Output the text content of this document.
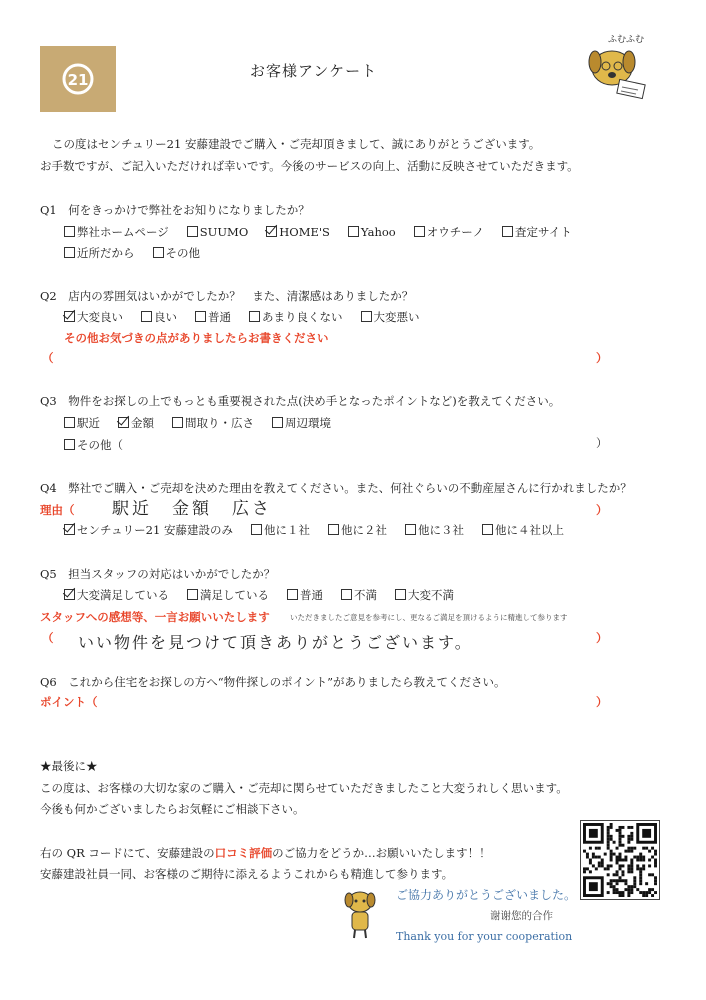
21	お客様アンケート
ふむふむ
この度はセンチュリー21 安藤建設でご購入・ご売却頂きまして、誠にありがとうございます。
お手数ですが、ご記入いただければ幸いです。今後のサービスの向上、活動に反映させていただきます。
Q1　 何をきっかけで弊社をお知りになりましたか？
弊社ホームページ	SUUMO	HOME'S	Yahoo	オウチーノ	査定サイト
近所だから	その他
Q2　 店内の雰囲気はいかがでしたか？　また、清潔感はありましたか？
大変良い	良い	普通	あまり良くない	大変悪い
その他お気づきの点がありましたらお書きください
（	）
Q3　 物件をお探しの上でもっとも重要視された点(決め手となったポイントなど)を教えてください。
駅近	金額	間取り・広さ	周辺環境
その他（	）
Q4　 弊社でご購入・ご売却を決めた理由を教えてください。また、何社ぐらいの不動産屋さんに行かれましたか？
理由（ 駅近　金額　広さ	）
センチュリー21 安藤建設のみ	他に１社	他に２社	他に３社	他に４社以上
Q5　 担当スタッフの対応はいかがでしたか？
大変満足している	満足している	普通	不満	大変不満
スタッフへの感想等、一言お願いいたします	いただきましたご意見を参考にし、更なるご満足を頂けるように精進して参ります
（ いい物件を見つけて頂きありがとうございます。	）
Q6　 これから住宅をお探しの方へ“物件探しのポイント”がありましたら教えてください。
ポイント（	）
★最後に★
この度は、お客様の大切な家のご購入・ご売却に関らせていただきましたこと大変うれしく思います。
今後も何かございましたらお気軽にご相談下さい。
右の QR コードにて、安藤建設の口コミ評価のご協力をどうか…お願いいたします！！
安藤建設社員一同、お客様のご期待に添えるようこれからも精進して参ります。
ご協力ありがとうございました。
谢谢您的合作
Thank you for your cooperation
